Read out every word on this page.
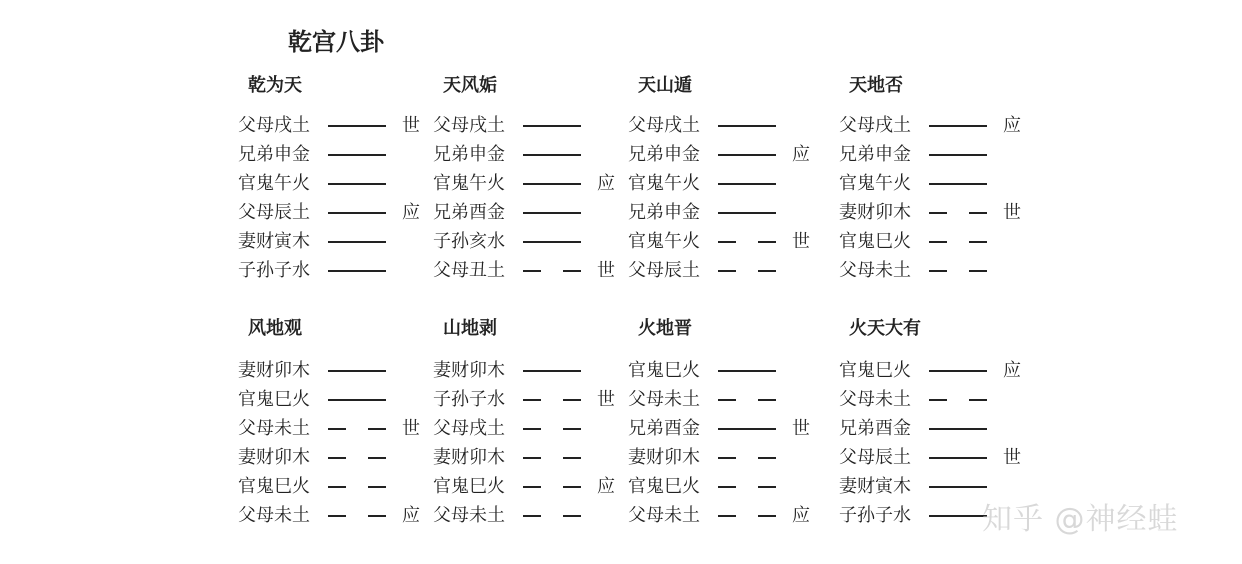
乾宫八卦
乾为天
父母戌土	世
兄弟申金
官鬼午火
父母辰土	应
妻财寅木
子孙子水
天风姤
父母戌土
兄弟申金
官鬼午火	应
兄弟酉金
子孙亥水
父母丑土	世
天山遁
父母戌土
兄弟申金	应
官鬼午火
兄弟申金
官鬼午火	世
父母辰土
天地否
父母戌土	应
兄弟申金
官鬼午火
妻财卯木	世
官鬼巳火
父母未土
风地观
妻财卯木
官鬼巳火
父母未土	世
妻财卯木
官鬼巳火
父母未土	应
山地剥
妻财卯木
子孙子水	世
父母戌土
妻财卯木
官鬼巳火	应
父母未土
火地晋
官鬼巳火
父母未土
兄弟酉金	世
妻财卯木
官鬼巳火
父母未土	应
火天大有
官鬼巳火	应
父母未土
兄弟酉金
父母辰土	世
妻财寅木
子孙子水 知乎 @神经蛙
